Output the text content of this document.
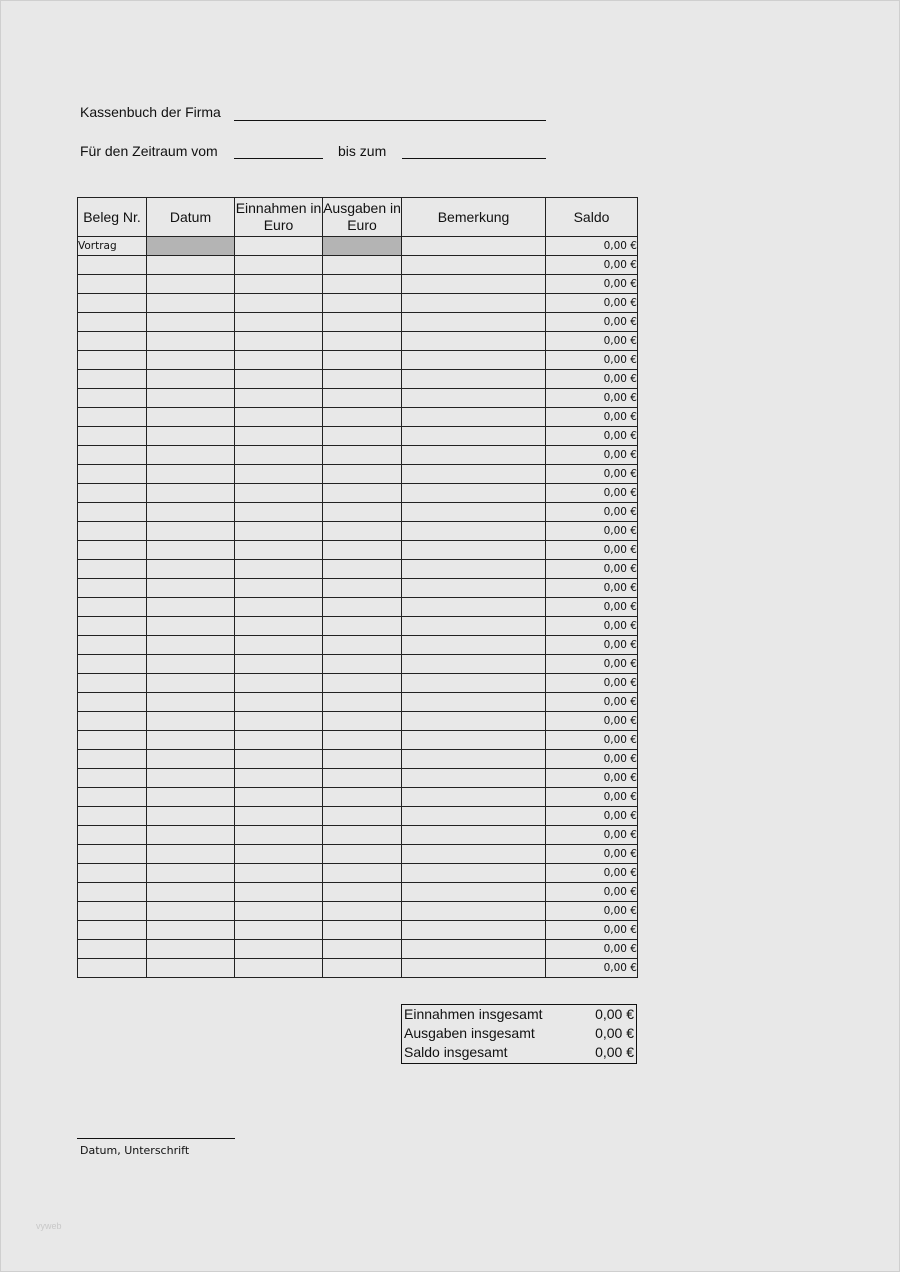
Kassenbuch der Firma
Für den Zeitraum vom	bis zum
Beleg Nr.	Datum	Einnahmen in Euro	Ausgaben in Euro	Bemerkung	Saldo
Vortrag					0,00 €
					0,00 €
					0,00 €
					0,00 €
					0,00 €
					0,00 €
					0,00 €
					0,00 €
					0,00 €
					0,00 €
					0,00 €
					0,00 €
					0,00 €
					0,00 €
					0,00 €
					0,00 €
					0,00 €
					0,00 €
					0,00 €
					0,00 €
					0,00 €
					0,00 €
					0,00 €
					0,00 €
					0,00 €
					0,00 €
					0,00 €
					0,00 €
					0,00 €
					0,00 €
					0,00 €
					0,00 €
					0,00 €
					0,00 €
					0,00 €
					0,00 €
					0,00 €
					0,00 €
					0,00 €
Einnahmen insgesamt	0,00 €
Ausgaben insgesamt	0,00 €
Saldo insgesamt	0,00 €
Datum, Unterschrift
vyweb
